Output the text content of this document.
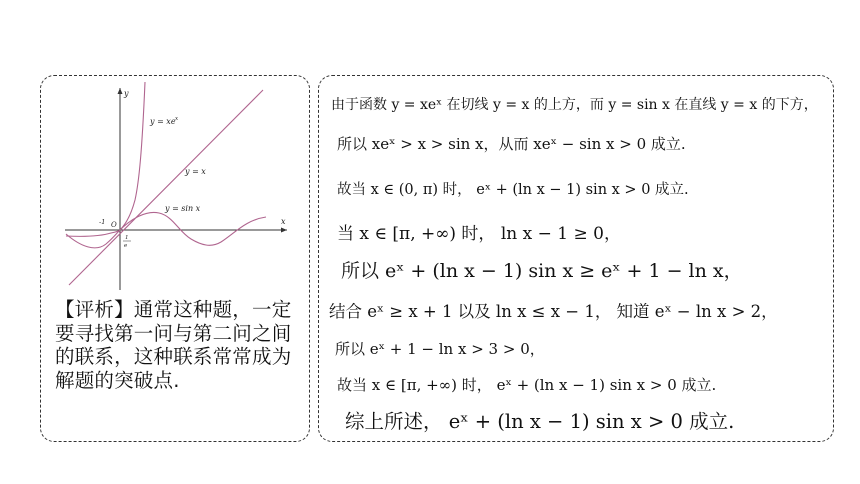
y
x
O
-1
1
e
y = xe x
y = x
y = sin x
【评析】通常这种题，一定要寻找第一问与第二问之间的联系，这种联系常常成为解题的突破点.
由于函数 y = xeˣ 在切线 y = x 的上方，而 y = sin x 在直线 y = x 的下方，
所以 xeˣ > x > sin x，从而 xeˣ − sin x > 0 成立.
故当 x ∈ (0, π) 时， eˣ + (ln x − 1) sin x > 0 成立.
当 x ∈ [π, +∞) 时， ln x − 1 ≥ 0，
所以 eˣ + (ln x − 1) sin x ≥ eˣ + 1 − ln x，
结合 eˣ ≥ x + 1 以及 ln x ≤ x − 1， 知道 eˣ − ln x > 2，
所以 eˣ + 1 − ln x > 3 > 0，
故当 x ∈ [π, +∞) 时， eˣ + (ln x − 1) sin x > 0 成立.
综上所述， eˣ + (ln x − 1) sin x > 0 成立.
